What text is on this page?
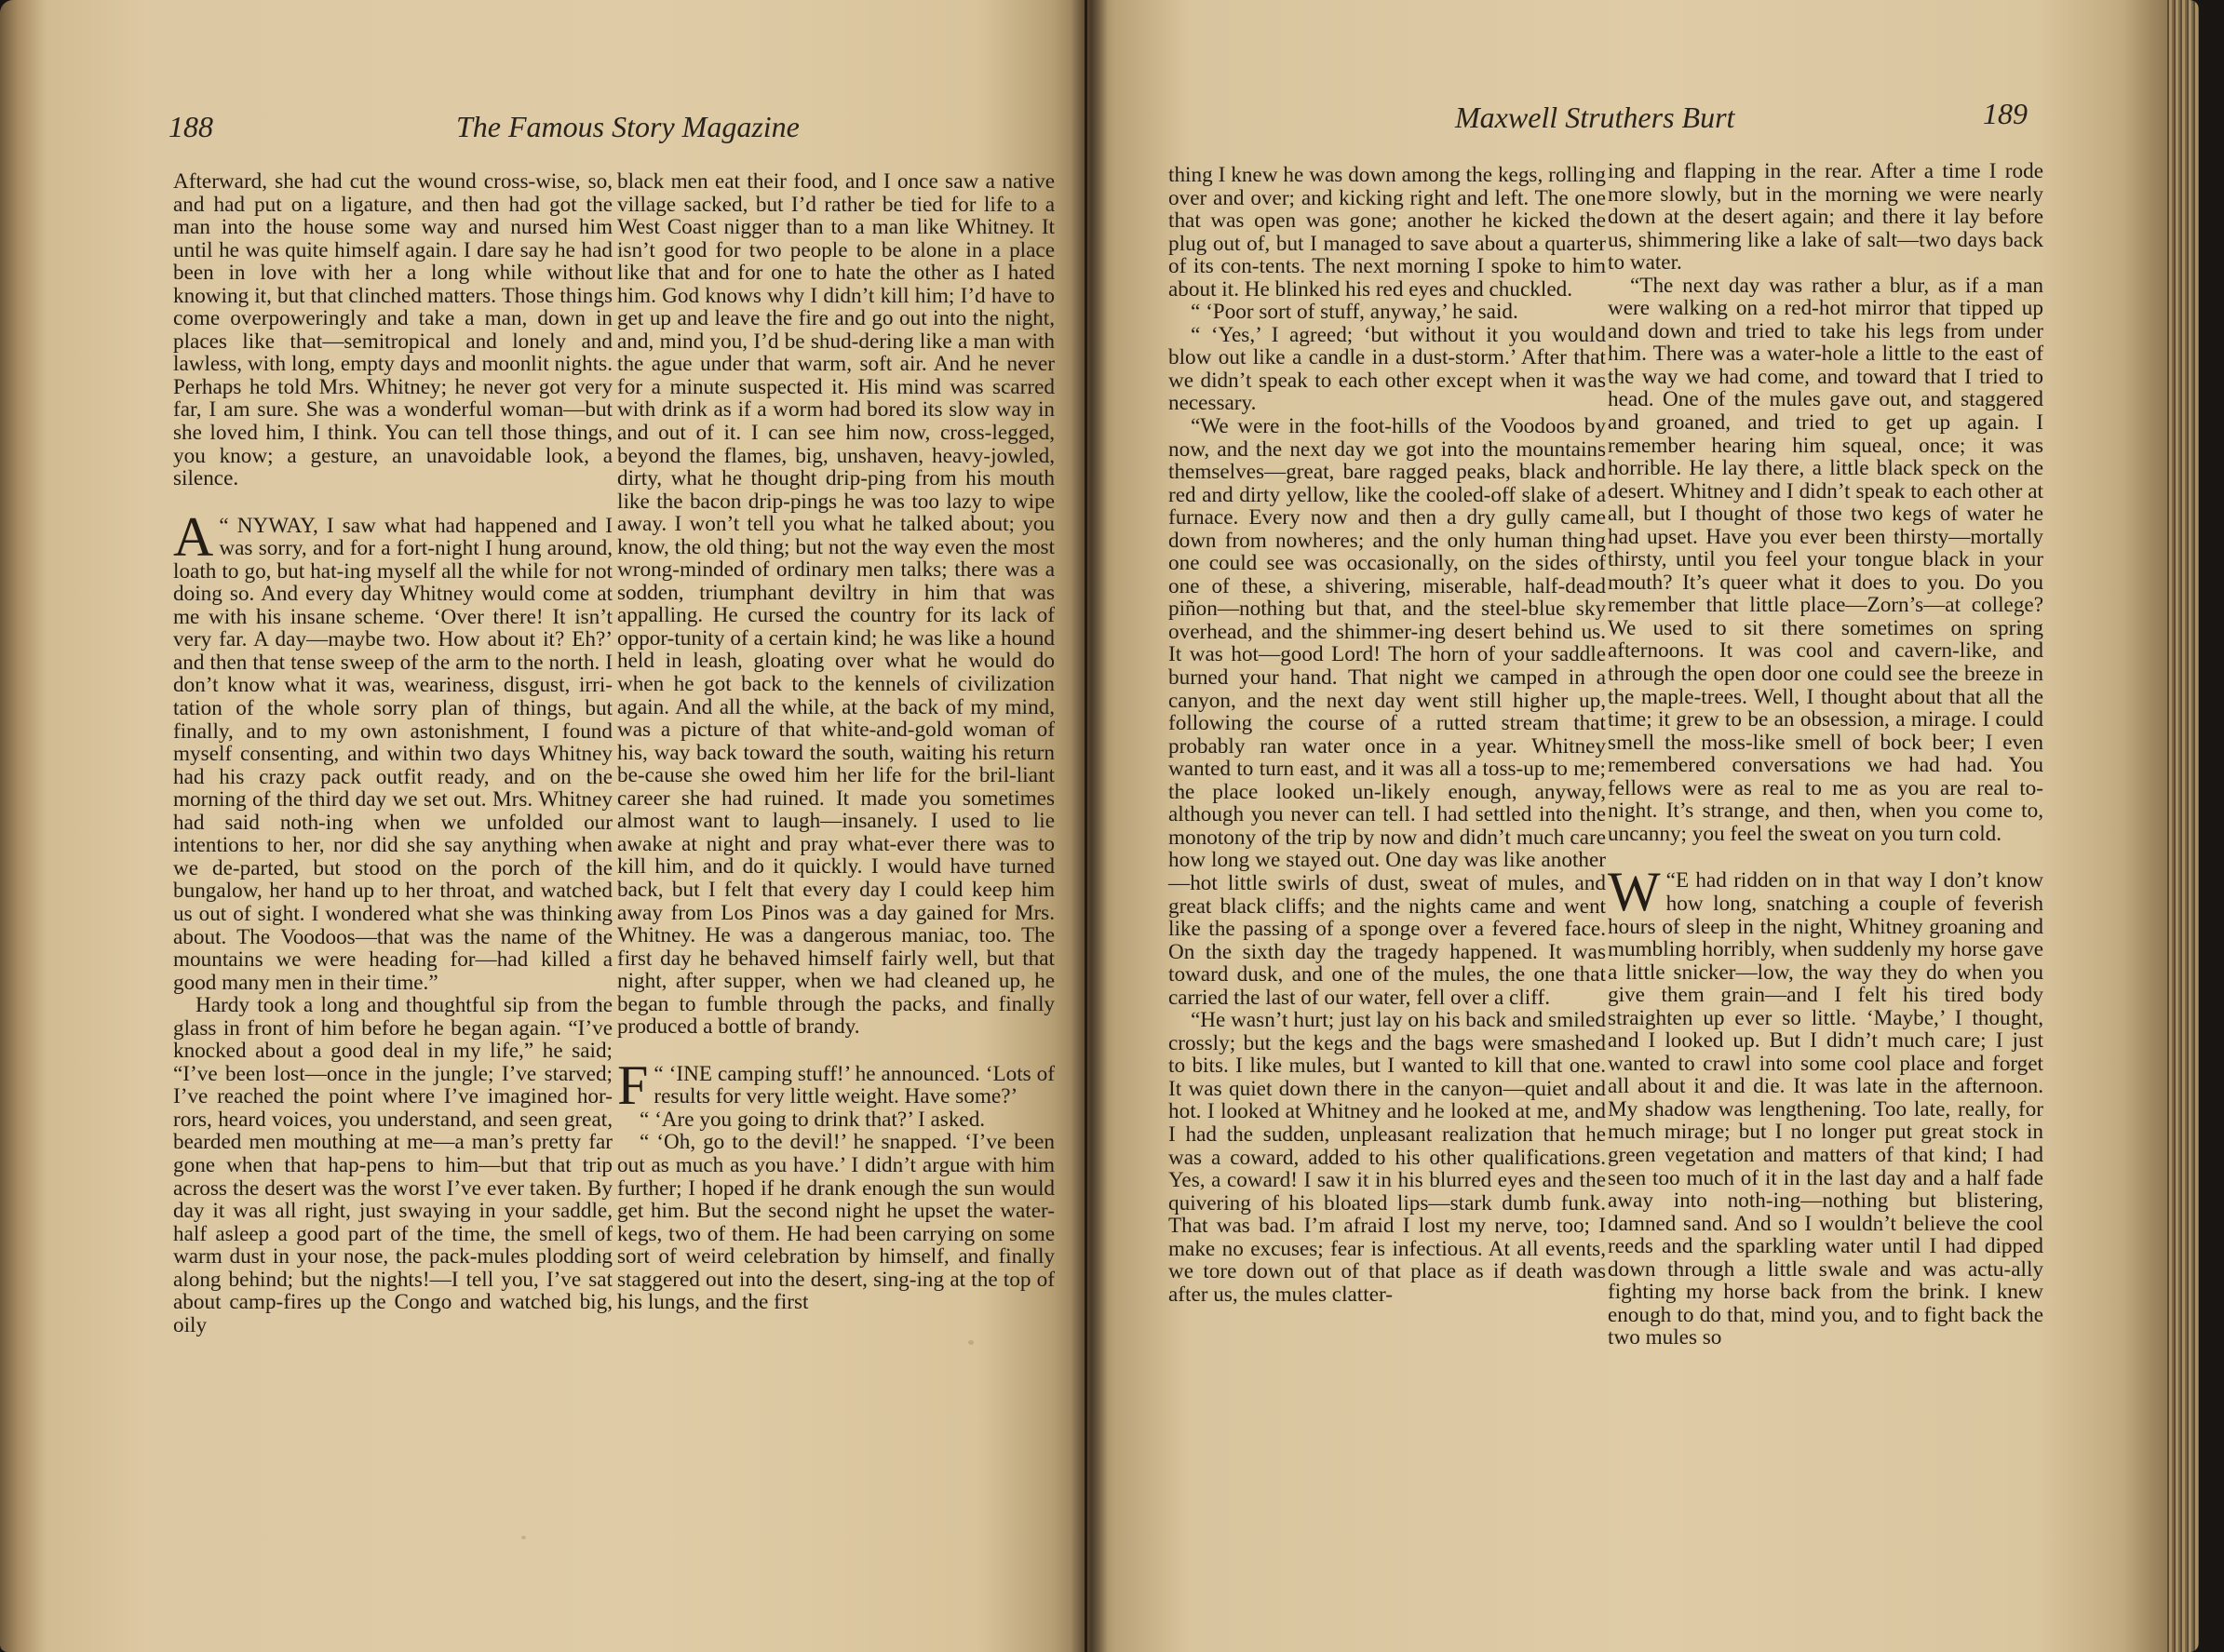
188	The Famous Story Magazine

Afterward, she had cut the wound cross-wise, so, and had put on a ligature, and then had got the man into the house some way and nursed him until he was quite himself again. I dare say he had been in love with her a long while without knowing it, but that clinched matters. Those things come overpoweringly and take a man, down in places like that—semitropical and lonely and lawless, with long, empty days and moonlit nights. Perhaps he told Mrs. Whitney; he never got very far, I am sure. She was a wonderful woman—but she loved him, I think. You can tell those things, you know; a gesture, an unavoidable look, a silence.

“
A NYWAY, I saw what had happened and I was sorry, and for a fort-night I hung around, loath to go, but hat-ing myself all the while for not doing so. And every day Whitney would come at me with his insane scheme. ‘Over there! It isn’t very far. A day—maybe two. How about it? Eh?’ and then that tense sweep of the arm to the north. I don’t know what it was, weariness, disgust, irri-tation of the whole sorry plan of things, but finally, and to my own astonishment, I found myself consenting, and within two days Whitney had his crazy pack outfit ready, and on the morning of the third day we set out. Mrs. Whitney had said noth-ing when we unfolded our intentions to her, nor did she say anything when we de-parted, but stood on the porch of the bungalow, her hand up to her throat, and watched us out of sight. I wondered what she was thinking about. The Voodoos—that was the name of the mountains we were heading for—had killed a good many men in their time.”

Hardy took a long and thoughtful sip from the glass in front of him before he began again. “I’ve knocked about a good deal in my life,” he said; “I’ve been lost—once in the jungle; I’ve starved; I’ve reached the point where I’ve imagined hor-rors, heard voices, you understand, and seen great, bearded men mouthing at me—a man’s pretty far gone when that hap-pens to him—but that trip across the desert was the worst I’ve ever taken. By day it was all right, just swaying in your saddle, half asleep a good part of the time, the smell of warm dust in your nose, the pack-mules plodding along behind; but the nights!—I tell you, I’ve sat about camp-fires up the Congo and watched big, oily

black men eat their food, and I once saw a native village sacked, but I’d rather be tied for life to a West Coast nigger than to a man like Whitney. It isn’t good for two people to be alone in a place like that and for one to hate the other as I hated him. God knows why I didn’t kill him; I’d have to get up and leave the fire and go out into the night, and, mind you, I’d be shud-dering like a man with the ague under that warm, soft air. And he never for a minute suspected it. His mind was scarred with drink as if a worm had bored its slow way in and out of it. I can see him now, cross-legged, beyond the flames, big, unshaven, heavy-jowled, dirty, what he thought drip-ping from his mouth like the bacon drip-pings he was too lazy to wipe away. I won’t tell you what he talked about; you know, the old thing; but not the way even the most wrong-minded of ordinary men talks; there was a sodden, triumphant deviltry in him that was appalling. He cursed the country for its lack of oppor-tunity of a certain kind; he was like a hound held in leash, gloating over what he would do when he got back to the kennels of civilization again. And all the while, at the back of my mind, was a picture of that white-and-gold woman of his, way back toward the south, waiting his return be-cause she owed him her life for the bril-liant career she had ruined. It made you sometimes almost want to laugh—insanely. I used to lie awake at night and pray what-ever there was to kill him, and do it quickly. I would have turned back, but I felt that every day I could keep him away from Los Pinos was a day gained for Mrs. Whitney. He was a dangerous maniac, too. The first day he behaved himself fairly well, but that night, after supper, when we had cleaned up, he began to fumble through the packs, and finally produced a bottle of brandy.

“ ‘
F INE camping stuff!’ he announced. ‘Lots of results for very little weight. Have some?’

“ ‘Are you going to drink that?’ I asked.

“ ‘Oh, go to the devil!’ he snapped. ‘I’ve been out as much as you have.’ I didn’t argue with him further; I hoped if he drank enough the sun would get him. But the second night he upset the water-kegs, two of them. He had been carrying on some sort of weird celebration by himself, and finally staggered out into the desert, sing-ing at the top of his lungs, and the first

Maxwell Struthers Burt	189

thing I knew he was down among the kegs, rolling over and over; and kicking right and left. The one that was open was gone; another he kicked the plug out of, but I managed to save about a quarter of its con-tents. The next morning I spoke to him about it. He blinked his red eyes and chuckled.

“ ‘Poor sort of stuff, anyway,’ he said.

“ ‘Yes,’ I agreed; ‘but without it you would blow out like a candle in a dust-storm.’ After that we didn’t speak to each other except when it was necessary.

“We were in the foot-hills of the Voodoos by now, and the next day we got into the mountains themselves—great, bare ragged peaks, black and red and dirty yellow, like the cooled-off slake of a furnace. Every now and then a dry gully came down from nowheres; and the only human thing one could see was occasionally, on the sides of one of these, a shivering, miserable, half-dead piñon—nothing but that, and the steel-blue sky overhead, and the shimmer-ing desert behind us. It was hot—good Lord! The horn of your saddle burned your hand. That night we camped in a canyon, and the next day went still higher up, following the course of a rutted stream that probably ran water once in a year. Whitney wanted to turn east, and it was all a toss-up to me; the place looked un-likely enough, anyway, although you never can tell. I had settled into the monotony of the trip by now and didn’t much care how long we stayed out. One day was like another—hot little swirls of dust, sweat of mules, and great black cliffs; and the nights came and went like the passing of a sponge over a fevered face. On the sixth day the tragedy happened. It was toward dusk, and one of the mules, the one that carried the last of our water, fell over a cliff.

“He wasn’t hurt; just lay on his back and smiled crossly; but the kegs and the bags were smashed to bits. I like mules, but I wanted to kill that one. It was quiet down there in the canyon—quiet and hot. I looked at Whitney and he looked at me, and I had the sudden, unpleasant realization that he was a coward, added to his other qualifications. Yes, a coward! I saw it in his blurred eyes and the quivering of his bloated lips—stark dumb funk. That was bad. I’m afraid I lost my nerve, too; I make no excuses; fear is infectious. At all events, we tore down out of that place as if death was after us, the mules clatter-

ing and flapping in the rear. After a time I rode more slowly, but in the morning we were nearly down at the desert again; and there it lay before us, shimmering like a lake of salt—two days back to water.

“The next day was rather a blur, as if a man were walking on a red-hot mirror that tipped up and down and tried to take his legs from under him. There was a water-hole a little to the east of the way we had come, and toward that I tried to head. One of the mules gave out, and staggered and groaned, and tried to get up again. I remember hearing him squeal, once; it was horrible. He lay there, a little black speck on the desert. Whitney and I didn’t speak to each other at all, but I thought of those two kegs of water he had upset. Have you ever been thirsty—mortally thirsty, until you feel your tongue black in your mouth? It’s queer what it does to you. Do you remember that little place—Zorn’s—at college? We used to sit there sometimes on spring afternoons. It was cool and cavern-like, and through the open door one could see the breeze in the maple-trees. Well, I thought about that all the time; it grew to be an obsession, a mirage. I could smell the moss-like smell of bock beer; I even remembered conversations we had had. You fellows were as real to me as you are real to-night. It’s strange, and then, when you come to, uncanny; you feel the sweat on you turn cold.

“
W E had ridden on in that way I don’t know how long, snatching a couple of feverish hours of sleep in the night, Whitney groaning and mumbling horribly, when suddenly my horse gave a little snicker—low, the way they do when you give them grain—and I felt his tired body straighten up ever so little. ‘Maybe,’ I thought, and I looked up. But I didn’t much care; I just wanted to crawl into some cool place and forget all about it and die. It was late in the afternoon. My shadow was lengthening. Too late, really, for much mirage; but I no longer put great stock in green vegetation and matters of that kind; I had seen too much of it in the last day and a half fade away into noth-ing—nothing but blistering, damned sand. And so I wouldn’t believe the cool reeds and the sparkling water until I had dipped down through a little swale and was actu-ally fighting my horse back from the brink. I knew enough to do that, mind you, and to fight back the two mules so
